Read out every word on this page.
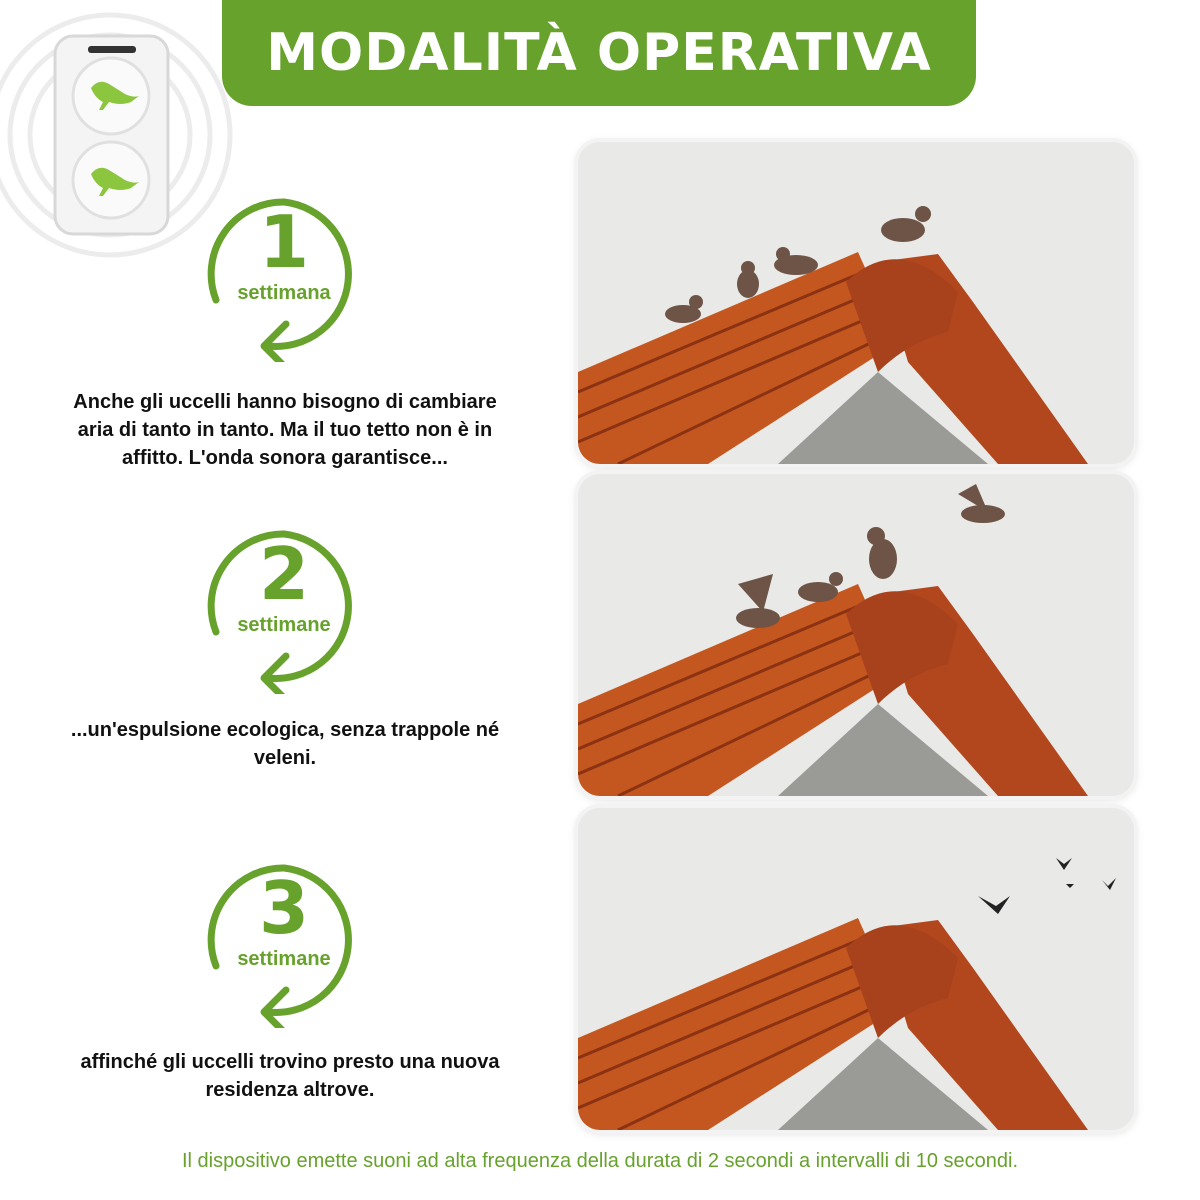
MODALITÀ OPERATIVA
1
settimana
Anche gli uccelli hanno bisogno di cambiare aria di tanto in tanto. Ma il tuo tetto non è in affitto. L'onda sonora garantisce...
2
settimane
...un'espulsione ecologica, senza trappole né veleni.
3
settimane
affinché gli uccelli trovino presto una nuova residenza altrove.
Il dispositivo emette suoni ad alta frequenza della durata di 2 secondi a intervalli di 10 secondi.
